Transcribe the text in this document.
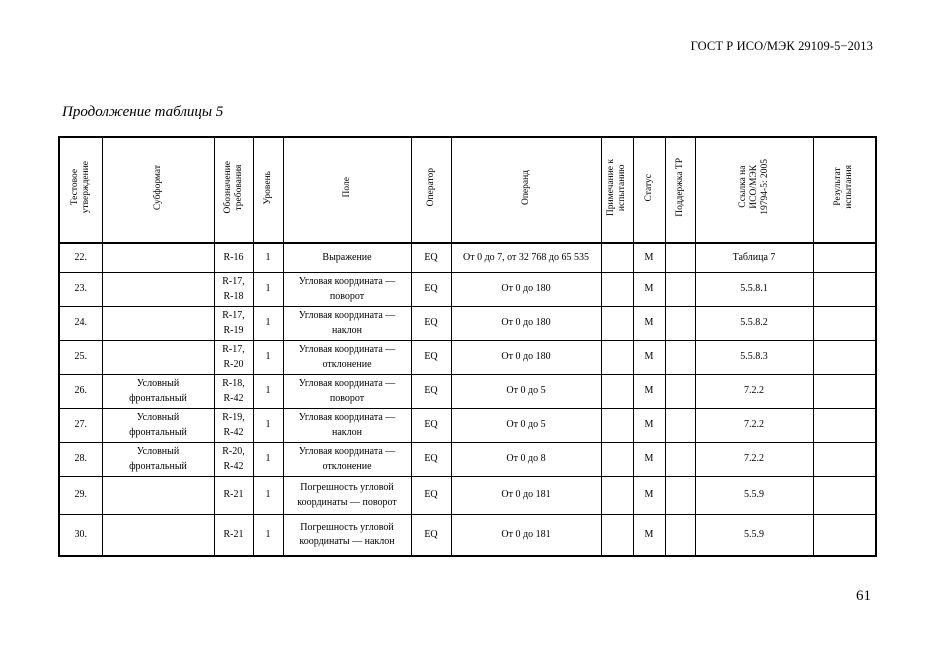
ГОСТ Р ИСО/МЭК 29109-5−2013
Продолжение таблицы 5
Тестовое
утверждение	Субформат	Обозначение
требования	Уровень	Поле	Оператор	Операнд	Примечание к
испытанию	Статус	Поддержка ТР	Ссылка на
ИСО/МЭК
19794-5: 2005	Результат
испытания
22.		R-16	1	Выражение	EQ	От 0 до 7, от 32 768 до 65 535		M		Таблица 7	
23.		R-17,
R-18	1	Угловая координата —
поворот	EQ	От 0 до 180		M		5.5.8.1	
24.		R-17,
R-19	1	Угловая координата —
наклон	EQ	От 0 до 180		M		5.5.8.2	
25.		R-17,
R-20	1	Угловая координата —
отклонение	EQ	От 0 до 180		M		5.5.8.3	
26.	Условный
фронтальный	R-18,
R-42	1	Угловая координата —
поворот	EQ	От 0 до 5		M		7.2.2	
27.	Условный
фронтальный	R-19,
R-42	1	Угловая координата —
наклон	EQ	От 0 до 5		M		7.2.2	
28.	Условный
фронтальный	R-20,
R-42	1	Угловая координата —
отклонение	EQ	От 0 до 8		M		7.2.2	
29.		R-21	1	Погрешность угловой
координаты — поворот	EQ	От 0 до 181		M		5.5.9	
30.		R-21	1	Погрешность угловой
координаты — наклон	EQ	От 0 до 181		M		5.5.9	
61
